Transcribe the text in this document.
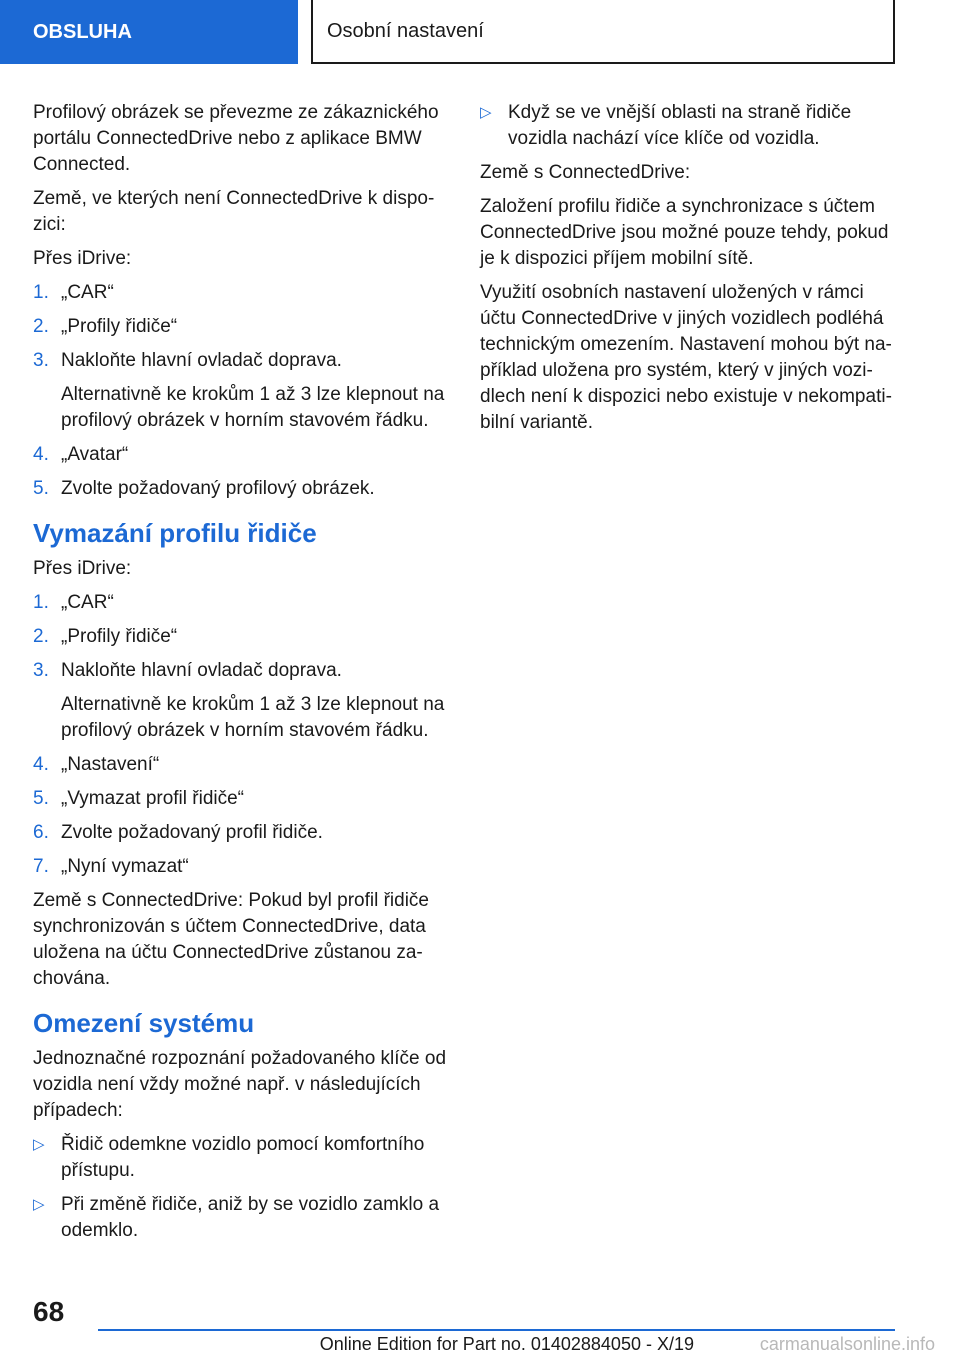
OBSLUHA	Osobní nastavení

Profilový obrázek se převezme ze zákaznického portálu ConnectedDrive nebo z aplikace BMW Connected.

Země, ve kterých není ConnectedDrive k dispozici:

Přes iDrive:

1. „CAR“
2. „Profily řidiče“
3. Nakloňte hlavní ovladač doprava.
Alternativně ke krokům 1 až 3 lze klepnout na profilový obrázek v horním stavovém řádku.
4. „Avatar“
5. Zvolte požadovaný profilový obrázek.
Vymazání profilu řidiče

Přes iDrive:

1. „CAR“
2. „Profily řidiče“
3. Nakloňte hlavní ovladač doprava.
Alternativně ke krokům 1 až 3 lze klepnout na profilový obrázek v horním stavovém řádku.
4. „Nastavení“
5. „Vymazat profil řidiče“
6. Zvolte požadovaný profil řidiče.
7. „Nyní vymazat“

Země s ConnectedDrive: Pokud byl profil řidiče synchronizován s účtem ConnectedDrive, data uložena na účtu ConnectedDrive zůstanou zachována.

Omezení systému

Jednoznačné rozpoznání požadovaného klíče od vozidla není vždy možné např. v následujících případech:

▷ Řidič odemkne vozidlo pomocí komfortního přístupu.
▷ Při změně řidiče, aniž by se vozidlo zamklo a odemklo.
▷ Když se ve vnější oblasti na straně řidiče vozidla nachází více klíče od vozidla.

Země s ConnectedDrive:

Založení profilu řidiče a synchronizace s účtem ConnectedDrive jsou možné pouze tehdy, pokud je k dispozici příjem mobilní sítě.

Využití osobních nastavení uložených v rámci účtu ConnectedDrive v jiných vozidlech podléhá technickým omezením. Nastavení mohou být například uložena pro systém, který v jiných vozidlech není k dispozici nebo existuje v nekompatibilní variantě.

68
Online Edition for Part no. 01402884050 - X/19	carmanualsonline.info
